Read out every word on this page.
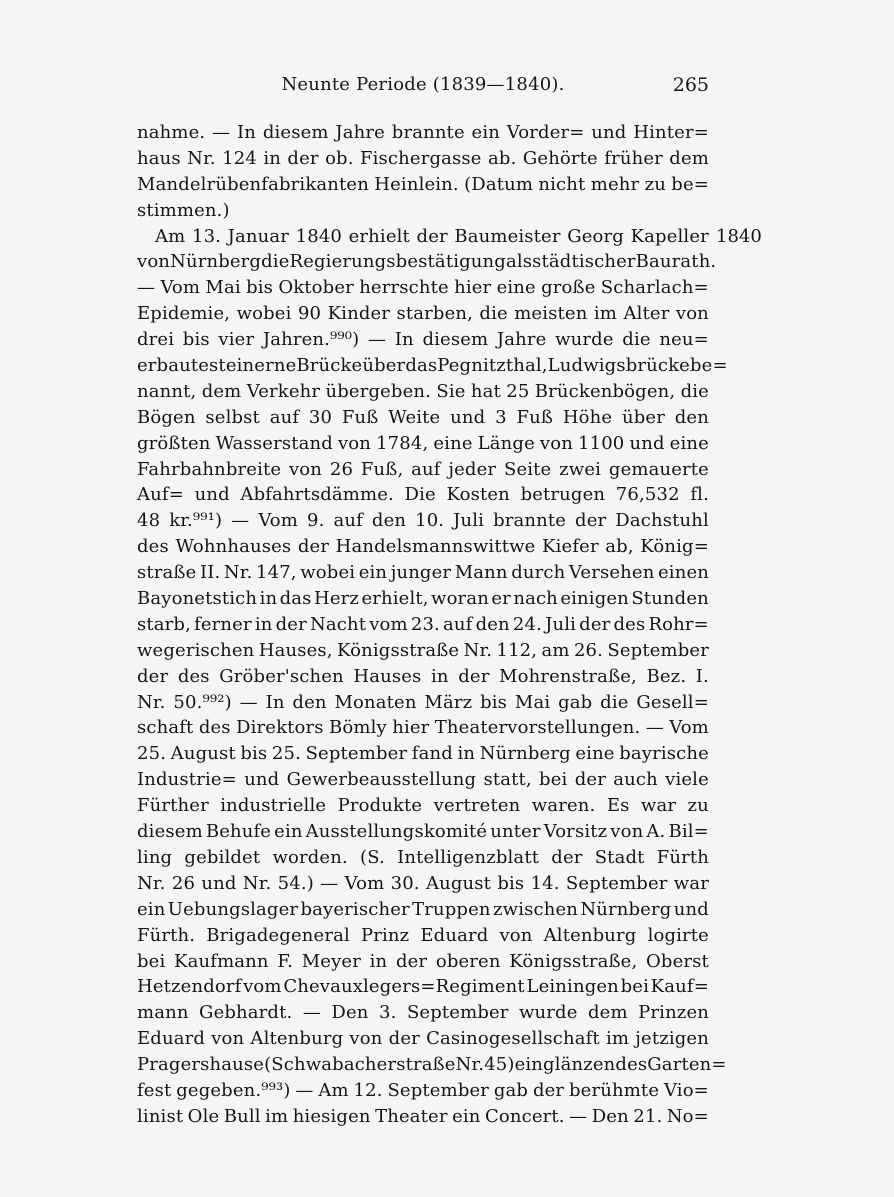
Neunte Periode (1839—1840).	265
1840
nahme. — In diesem Jahre brannte ein Vorder= und Hinter=
haus Nr. 124 in der ob. Fischergasse ab. Gehörte früher dem
Mandelrübenfabrikanten Heinlein. (Datum nicht mehr zu be=
stimmen.)
Am 13. Januar 1840 erhielt der Baumeister Georg Kapeller
von Nürnberg die Regierungsbestätigung als städtischer Baurath.
— Vom Mai bis Oktober herrschte hier eine große Scharlach=
Epidemie, wobei 90 Kinder starben, die meisten im Alter von
drei bis vier Jahren.⁹⁹⁰) — In diesem Jahre wurde die neu=
erbaute steinerne Brücke über das Pegnitzthal, Ludwigsbrücke be=
nannt, dem Verkehr übergeben. Sie hat 25 Brückenbögen, die
Bögen selbst auf 30 Fuß Weite und 3 Fuß Höhe über den
größten Wasserstand von 1784, eine Länge von 1100 und eine
Fahrbahnbreite von 26 Fuß, auf jeder Seite zwei gemauerte
Auf= und Abfahrtsdämme. Die Kosten betrugen 76,532 fl.
48 kr.⁹⁹¹) — Vom 9. auf den 10. Juli brannte der Dachstuhl
des Wohnhauses der Handelsmannswittwe Kiefer ab, König=
straße II. Nr. 147, wobei ein junger Mann durch Versehen einen
Bayonetstich in das Herz erhielt, woran er nach einigen Stunden
starb, ferner in der Nacht vom 23. auf den 24. Juli der des Rohr=
wegerischen Hauses, Königsstraße Nr. 112, am 26. September
der des Gröber'schen Hauses in der Mohrenstraße, Bez. I.
Nr. 50.⁹⁹²) — In den Monaten März bis Mai gab die Gesell=
schaft des Direktors Bömly hier Theatervorstellungen. — Vom
25. August bis 25. September fand in Nürnberg eine bayrische
Industrie= und Gewerbeausstellung statt, bei der auch viele
Fürther industrielle Produkte vertreten waren. Es war zu
diesem Behufe ein Ausstellungskomité unter Vorsitz von A. Bil=
ling gebildet worden. (S. Intelligenzblatt der Stadt Fürth
Nr. 26 und Nr. 54.) — Vom 30. August bis 14. September war
ein Uebungslager bayerischer Truppen zwischen Nürnberg und
Fürth. Brigadegeneral Prinz Eduard von Altenburg logirte
bei Kaufmann F. Meyer in der oberen Königsstraße, Oberst
Hetzendorf vom Chevauxlegers=Regiment Leiningen bei Kauf=
mann Gebhardt. — Den 3. September wurde dem Prinzen
Eduard von Altenburg von der Casinogesellschaft im jetzigen
Pragershause (Schwabacherstraße Nr. 45) ein glänzendes Garten=
fest gegeben.⁹⁹³) — Am 12. September gab der berühmte Vio=
linist Ole Bull im hiesigen Theater ein Concert. — Den 21. No=
